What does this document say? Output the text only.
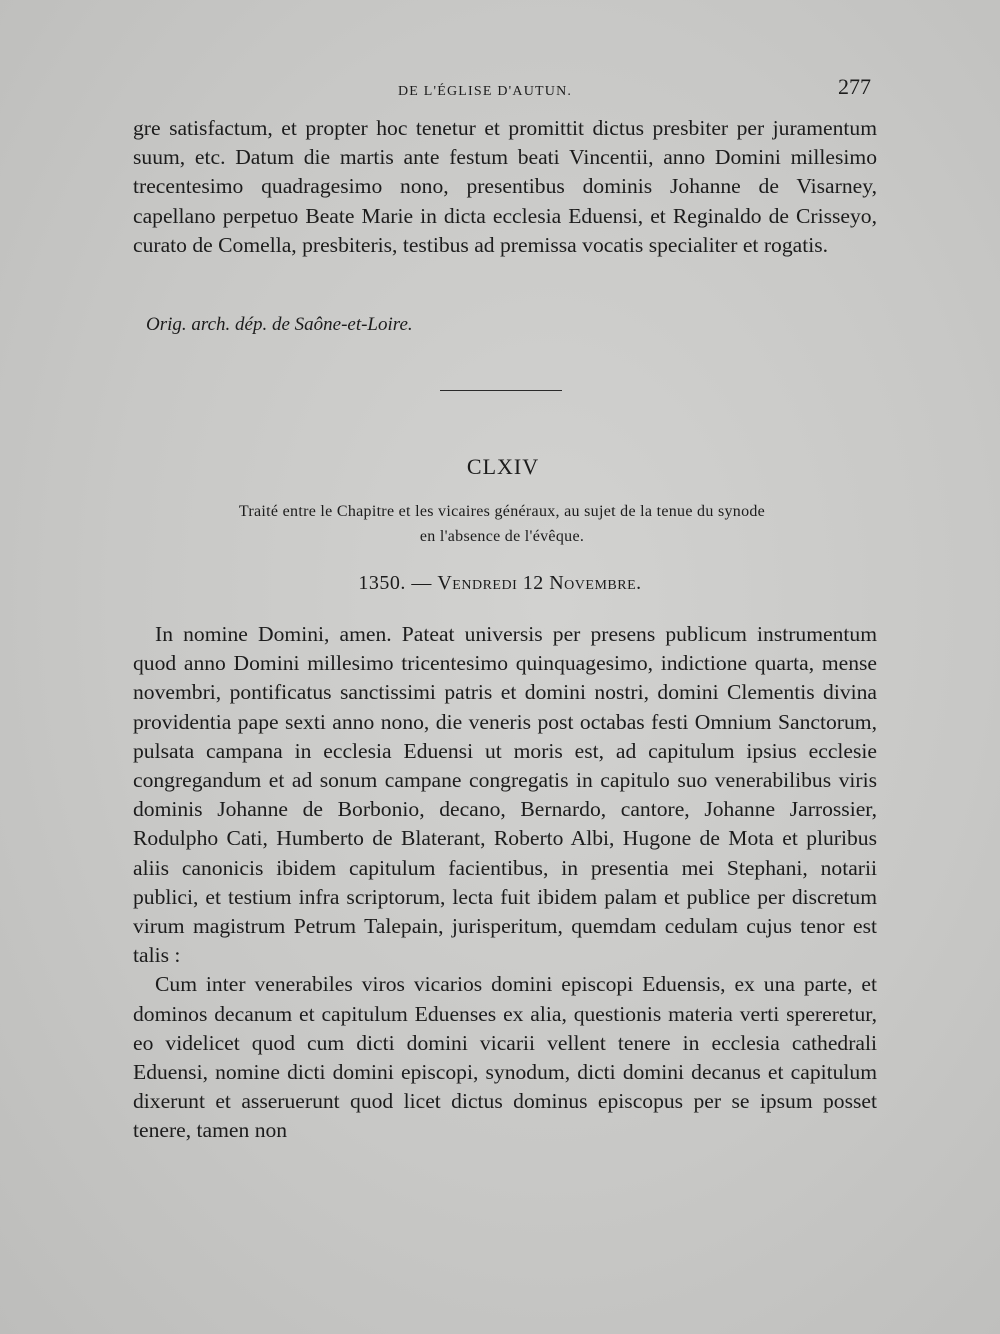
DE L'ÉGLISE D'AUTUN.	277

gre satisfactum, et propter hoc tenetur et promittit dictus presbiter per juramentum suum, etc. Datum die martis ante festum beati Vincentii, anno Domini millesimo trecentesimo quadragesimo nono, presentibus dominis Johanne de Visarney, capellano perpetuo Beate Marie in dicta ecclesia Eduensi, et Reginaldo de Crisseyo, curato de Comella, presbiteris, testibus ad premissa vocatis specialiter et rogatis.

Orig. arch. dép. de Saône-et-Loire.
CLXIV
Traité entre le Chapitre et les vicaires généraux, au sujet de la tenue du synode
en l'absence de l'évêque.
1350. — Vendredi 12 Novembre.

In nomine Domini, amen. Pateat universis per presens publicum instrumentum quod anno Domini millesimo tricentesimo quinquagesimo, indictione quarta, mense novembri, pontificatus sanctissimi patris et domini nostri, domini Clementis divina providentia pape sexti anno nono, die veneris post octabas festi Omnium Sanctorum, pulsata campana in ecclesia Eduensi ut moris est, ad capitulum ipsius ecclesie congregandum et ad sonum campane congregatis in capitulo suo venerabilibus viris dominis Johanne de Borbonio, decano, Bernardo, cantore, Johanne Jarrossier, Rodulpho Cati, Humberto de Blaterant, Roberto Albi, Hugone de Mota et pluribus aliis canonicis ibidem capitulum facientibus, in presentia mei Stephani, notarii publici, et testium infra scriptorum, lecta fuit ibidem palam et publice per discretum virum magistrum Petrum Talepain, jurisperitum, quemdam cedulam cujus tenor est talis :

Cum inter venerabiles viros vicarios domini episcopi Eduensis, ex una parte, et dominos decanum et capitulum Eduenses ex alia, questionis materia verti spereretur, eo videlicet quod cum dicti domini vicarii vellent tenere in ecclesia cathedrali Eduensi, nomine dicti domini episcopi, synodum, dicti domini decanus et capitulum dixerunt et asseruerunt quod licet dictus dominus episcopus per se ipsum posset tenere, tamen non
